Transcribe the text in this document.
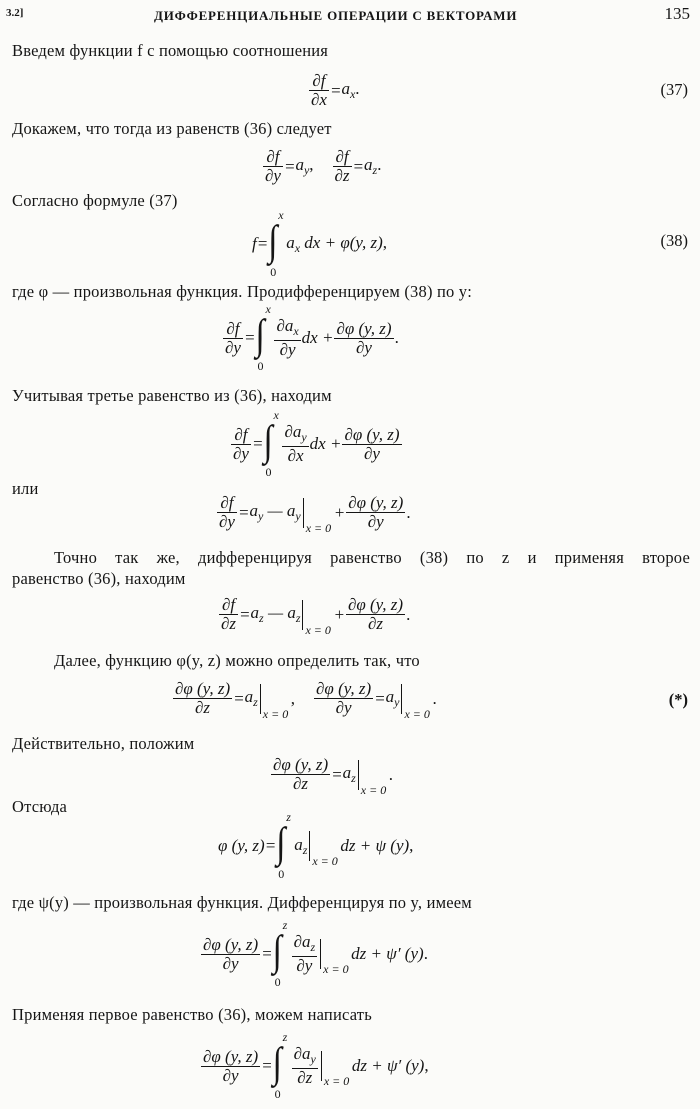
3.2]	ДИФФЕРЕНЦИАЛЬНЫЕ ОПЕРАЦИИ С ВЕКТОРАМИ	135
Введем функции f с помощью соотношения
$\frac{\partial f}{\partial x} =a_x$.	(37)
Докажем, что тогда из равенств (36) следует
$\frac{\partial f}{\partial y} =a_y$, $\frac{\partial f}{\partial z} =a_z$.
Согласно формуле (37)
f= ∫
x
0
$a_x$ dx + φ(y, z),	(38)
где φ — произвольная функция. Продифференцируем (38) по y:
$\frac{\partial f}{\partial y}$ = ∫
x
0
$\frac{\partial a_x}{\partial y}$ dx + $\frac{\partial\varphi (y, z)}{\partial y}$ .
Учитывая третье равенство из (36), находим
$\frac{\partial f}{\partial y}$ = ∫
x
0
$\frac{\partial a_y}{\partial x}$ dx + $\frac{\partial\varphi (y, z)}{\partial y}$
или
$\frac{\partial f}{\partial y} =a_y$ — $a_y$
x = 0
+ $\frac{\partial\varphi (y, z)}{\partial y}$ .
Точно так же, дифференцируя равенство (38) по z и применяя второе
равенство (36), находим
$\frac{\partial f}{\partial z} =a_z$ — $a_z$
x = 0
+ $\frac{\partial\varphi (y, z)}{\partial z}$ .
Далее, функцию φ(y, z) можно определить так, что
$\frac{\partial\varphi (y, z)}{\partial z} =a_z$
x = 0
, $\frac{\partial\varphi (y, z)}{\partial y} =a_y$
x = 0
.	(*)
Действительно, положим
$\frac{\partial\varphi (y, z)}{\partial z} =a_z$
x = 0
.
Отсюда
φ (y, z)= ∫
z
0
$a_z$
x = 0
dz + ψ (y),
где ψ(y) — произвольная функция. Дифференцируя по y, имеем
$\frac{\partial\varphi (y, z)}{\partial y}$ = ∫
z
0
$\frac{\partial a_z}{\partial y}$ x = 0
dz + ψ′ (y).
Применяя первое равенство (36), можем написать
$\frac{\partial\varphi (y, z)}{\partial y}$ = ∫
z
0
$\frac{\partial a_y}{\partial z}$ x = 0
dz + ψ′ (y),
